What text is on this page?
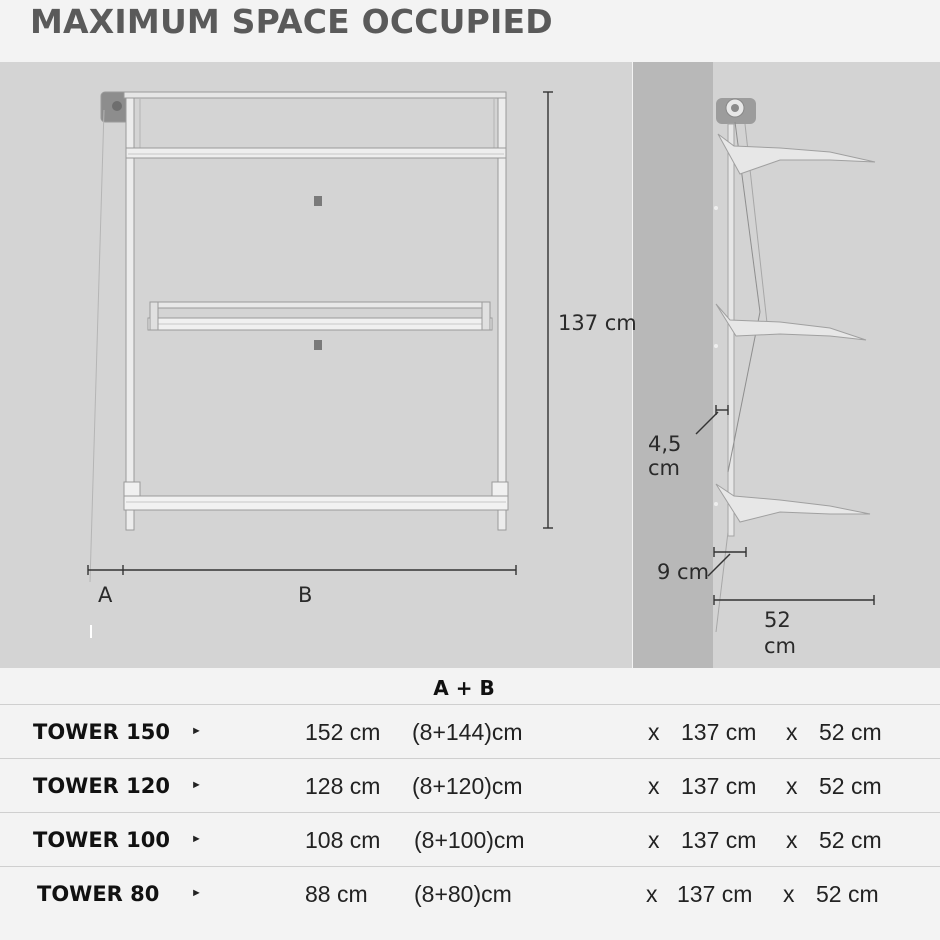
MAXIMUM SPACE OCCUPIED
137 cm
A	B
4,5
cm
9 cm
52
cm
A + B
TOWER 150 ►	152 cm (8+144)cm	x 137 cm x 52 cm
TOWER 120 ►	128 cm (8+120)cm	x 137 cm x 52 cm
TOWER 100 ►	108 cm (8+100)cm	x 137 cm x 52 cm
TOWER 80	►	88 cm (8+80)cm	x 137 cm x 52 cm
